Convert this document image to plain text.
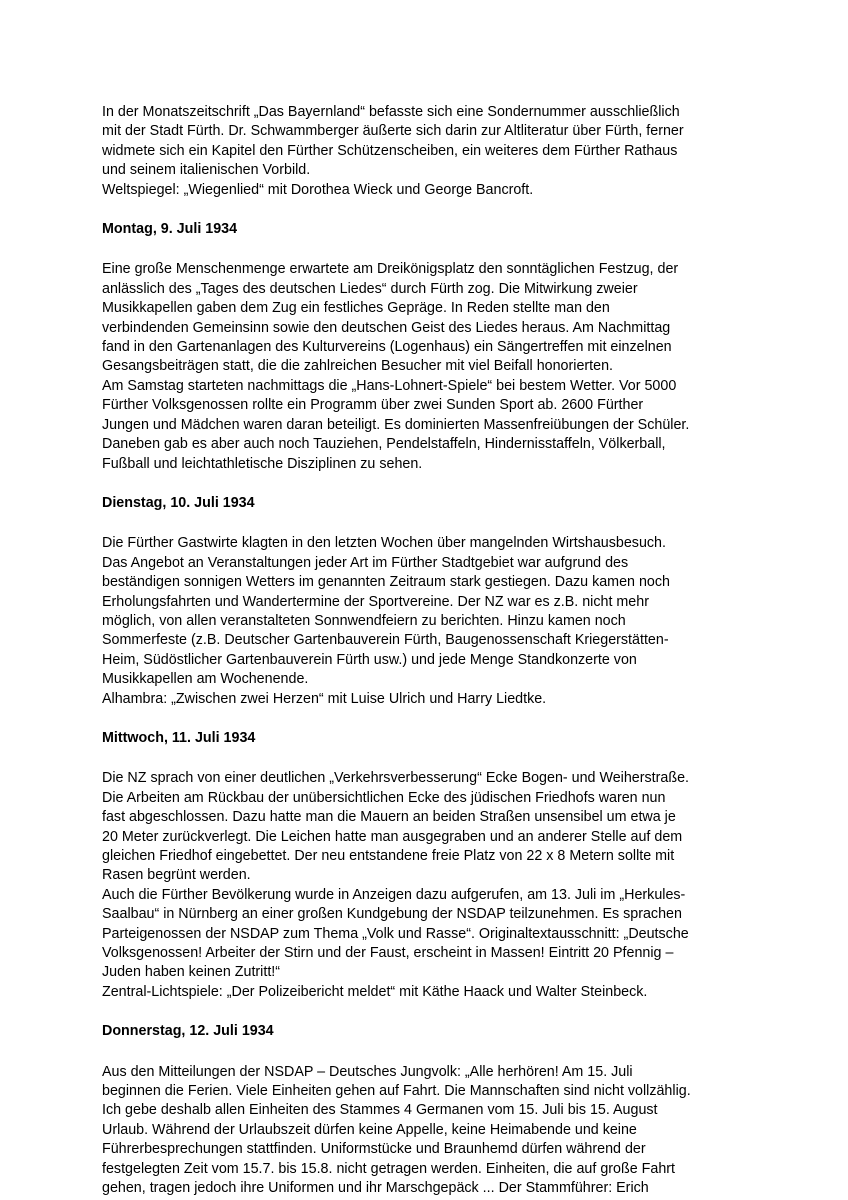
In der Monatszeitschrift „Das Bayernland“ befasste sich eine Sondernummer ausschließlich
mit der Stadt Fürth. Dr. Schwammberger äußerte sich darin zur Altliteratur über Fürth, ferner
widmete sich ein Kapitel den Fürther Schützenscheiben, ein weiteres dem Fürther Rathaus
und seinem italienischen Vorbild.
Weltspiegel: „Wiegenlied“ mit Dorothea Wieck und George Bancroft.

Montag, 9. Juli 1934

Eine große Menschenmenge erwartete am Dreikönigsplatz den sonntäglichen Festzug, der
anlässlich des „Tages des deutschen Liedes“ durch Fürth zog. Die Mitwirkung zweier
Musikkapellen gaben dem Zug ein festliches Gepräge. In Reden stellte man den
verbindenden Gemeinsinn sowie den deutschen Geist des Liedes heraus. Am Nachmittag
fand in den Gartenanlagen des Kulturvereins (Logenhaus) ein Sängertreffen mit einzelnen
Gesangsbeiträgen statt, die die zahlreichen Besucher mit viel Beifall honorierten.
Am Samstag starteten nachmittags die „Hans-Lohnert-Spiele“ bei bestem Wetter. Vor 5000
Fürther Volksgenossen rollte ein Programm über zwei Sunden Sport ab. 2600 Fürther
Jungen und Mädchen waren daran beteiligt. Es dominierten Massenfreiübungen der Schüler.
Daneben gab es aber auch noch Tauziehen, Pendelstaffeln, Hindernisstaffeln, Völkerball,
Fußball und leichtathletische Disziplinen zu sehen.

Dienstag, 10. Juli 1934

Die Fürther Gastwirte klagten in den letzten Wochen über mangelnden Wirtshausbesuch.
Das Angebot an Veranstaltungen jeder Art im Fürther Stadtgebiet war aufgrund des
beständigen sonnigen Wetters im genannten Zeitraum stark gestiegen. Dazu kamen noch
Erholungsfahrten und Wandertermine der Sportvereine. Der NZ war es z.B. nicht mehr
möglich, von allen veranstalteten Sonnwendfeiern zu berichten. Hinzu kamen noch
Sommerfeste (z.B. Deutscher Gartenbauverein Fürth, Baugenossenschaft Kriegerstätten-
Heim, Südöstlicher Gartenbauverein Fürth usw.) und jede Menge Standkonzerte von
Musikkapellen am Wochenende.
Alhambra: „Zwischen zwei Herzen“ mit Luise Ulrich und Harry Liedtke.

Mittwoch, 11. Juli 1934

Die NZ sprach von einer deutlichen „Verkehrsverbesserung“ Ecke Bogen- und Weiherstraße.
Die Arbeiten am Rückbau der unübersichtlichen Ecke des jüdischen Friedhofs waren nun
fast abgeschlossen. Dazu hatte man die Mauern an beiden Straßen unsensibel um etwa je
20 Meter zurückverlegt. Die Leichen hatte man ausgegraben und an anderer Stelle auf dem
gleichen Friedhof eingebettet. Der neu entstandene freie Platz von 22 x 8 Metern sollte mit
Rasen begrünt werden.
Auch die Fürther Bevölkerung wurde in Anzeigen dazu aufgerufen, am 13. Juli im „Herkules-
Saalbau“ in Nürnberg an einer großen Kundgebung der NSDAP teilzunehmen. Es sprachen
Parteigenossen der NSDAP zum Thema „Volk und Rasse“. Originaltextausschnitt: „Deutsche
Volksgenossen! Arbeiter der Stirn und der Faust, erscheint in Massen! Eintritt 20 Pfennig –
Juden haben keinen Zutritt!“
Zentral-Lichtspiele: „Der Polizeibericht meldet“ mit Käthe Haack und Walter Steinbeck.

Donnerstag, 12. Juli 1934

Aus den Mitteilungen der NSDAP – Deutsches Jungvolk: „Alle herhören! Am 15. Juli
beginnen die Ferien. Viele Einheiten gehen auf Fahrt. Die Mannschaften sind nicht vollzählig.
Ich gebe deshalb allen Einheiten des Stammes 4 Germanen vom 15. Juli bis 15. August
Urlaub. Während der Urlaubszeit dürfen keine Appelle, keine Heimabende und keine
Führerbesprechungen stattfinden. Uniformstücke und Braunhemd dürfen während der
festgelegten Zeit vom 15.7. bis 15.8. nicht getragen werden. Einheiten, die auf große Fahrt
gehen, tragen jedoch ihre Uniformen und ihr Marschgepäck ... Der Stammführer: Erich
